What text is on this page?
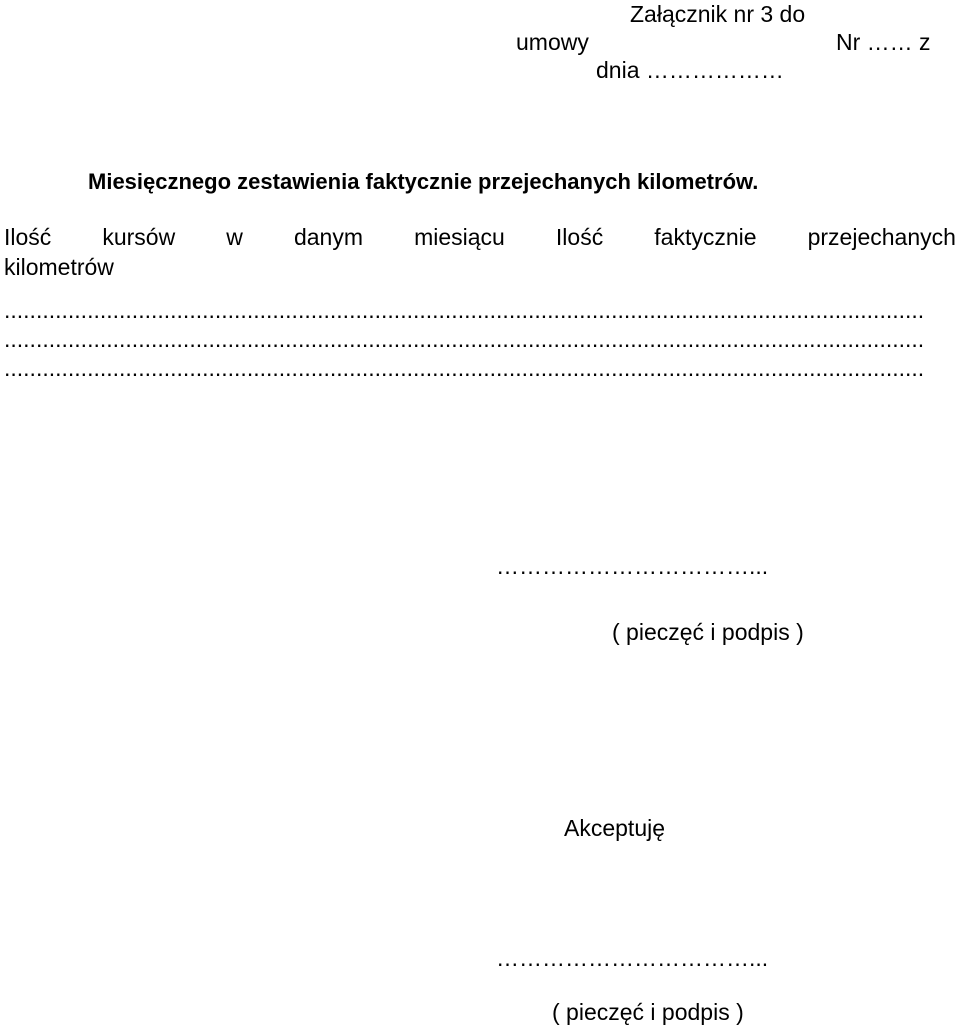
Załącznik nr 3 do
umowy	Nr …… z
dnia ………………
Miesięcznego zestawienia faktycznie przejechanych kilometrów.
Ilość kursów w danym miesiącu Ilość faktycznie przejechanych
kilometrów
................................................................................................................................................
................................................................................................................................................
................................................................................................................................................
……………………………...
( pieczęć i podpis )
Akceptuję
……………………………...
( pieczęć i podpis )
